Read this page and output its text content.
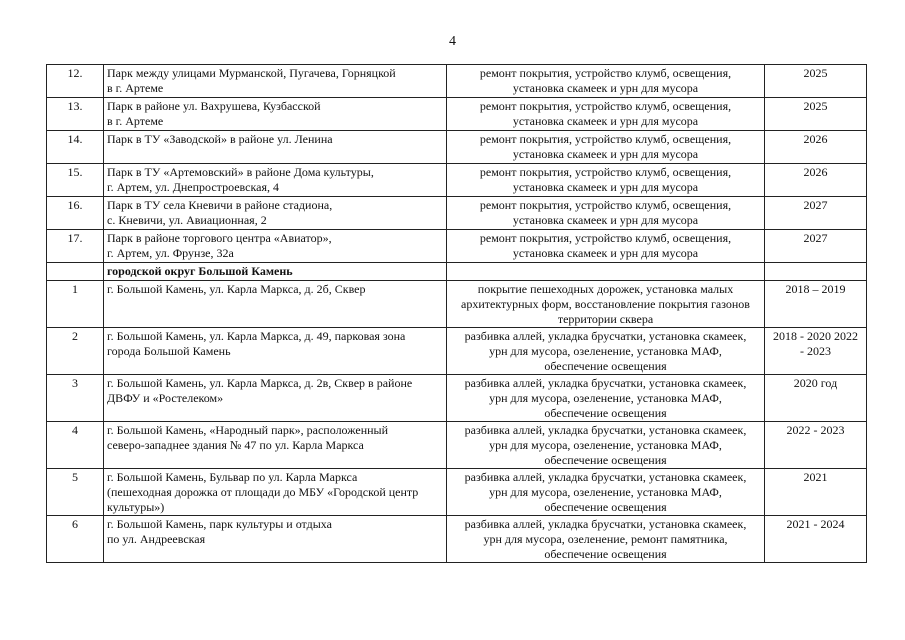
4
12.	Парк между улицами Мурманской, Пугачева, Горняцкой
в г. Артеме	ремонт покрытия, устройство клумб, освещения,
установка скамеек и урн для мусора	2025
13.	Парк в районе ул. Вахрушева, Кузбасской
в г. Артеме	ремонт покрытия, устройство клумб, освещения,
установка скамеек и урн для мусора	2025
14.	Парк в ТУ «Заводской» в районе ул. Ленина	ремонт покрытия, устройство клумб, освещения,
установка скамеек и урн для мусора	2026
15.	Парк в ТУ «Артемовский» в районе Дома культуры,
г. Артем, ул. Днепростроевская, 4	ремонт покрытия, устройство клумб, освещения,
установка скамеек и урн для мусора	2026
16.	Парк в ТУ села Кневичи в районе стадиона,
с. Кневичи, ул. Авиационная, 2	ремонт покрытия, устройство клумб, освещения,
установка скамеек и урн для мусора	2027
17.	Парк в районе торгового центра «Авиатор»,
г. Артем, ул. Фрунзе, 32а	ремонт покрытия, устройство клумб, освещения,
установка скамеек и урн для мусора	2027
	городской округ Большой Камень		
1	г. Большой Камень, ул. Карла Маркса, д. 2б, Сквер	покрытие пешеходных дорожек, установка малых
архитектурных форм, восстановление покрытия газонов
территории сквера	2018 – 2019
2	г. Большой Камень, ул. Карла Маркса, д. 49, парковая зона
города Большой Камень	разбивка аллей, укладка брусчатки, установка скамеек,
урн для мусора, озеленение, установка МАФ,
обеспечение освещения	2018 - 2020 2022
- 2023

3	г. Большой Камень, ул. Карла Маркса, д. 2в, Сквер в районе
ДВФУ и «Ростелеком»	разбивка аллей, укладка брусчатки, установка скамеек,
урн для мусора, озеленение, установка МАФ,
обеспечение освещения	2020 год
4	г. Большой Камень, «Народный парк», расположенный
северо-западнее здания № 47 по ул. Карла Маркса	разбивка аллей, укладка брусчатки, установка скамеек,
урн для мусора, озеленение, установка МАФ,
обеспечение освещения	2022 - 2023
5	г. Большой Камень, Бульвар по ул. Карла Маркса
(пешеходная дорожка от площади до МБУ «Городской центр
культуры»)	разбивка аллей, укладка брусчатки, установка скамеек,
урн для мусора, озеленение, установка МАФ,
обеспечение освещения	2021
6	г. Большой Камень, парк культуры и отдыха
по ул. Андреевская	разбивка аллей, укладка брусчатки, установка скамеек,
урн для мусора, озеленение, ремонт памятника,
обеспечение освещения	2021 - 2024
